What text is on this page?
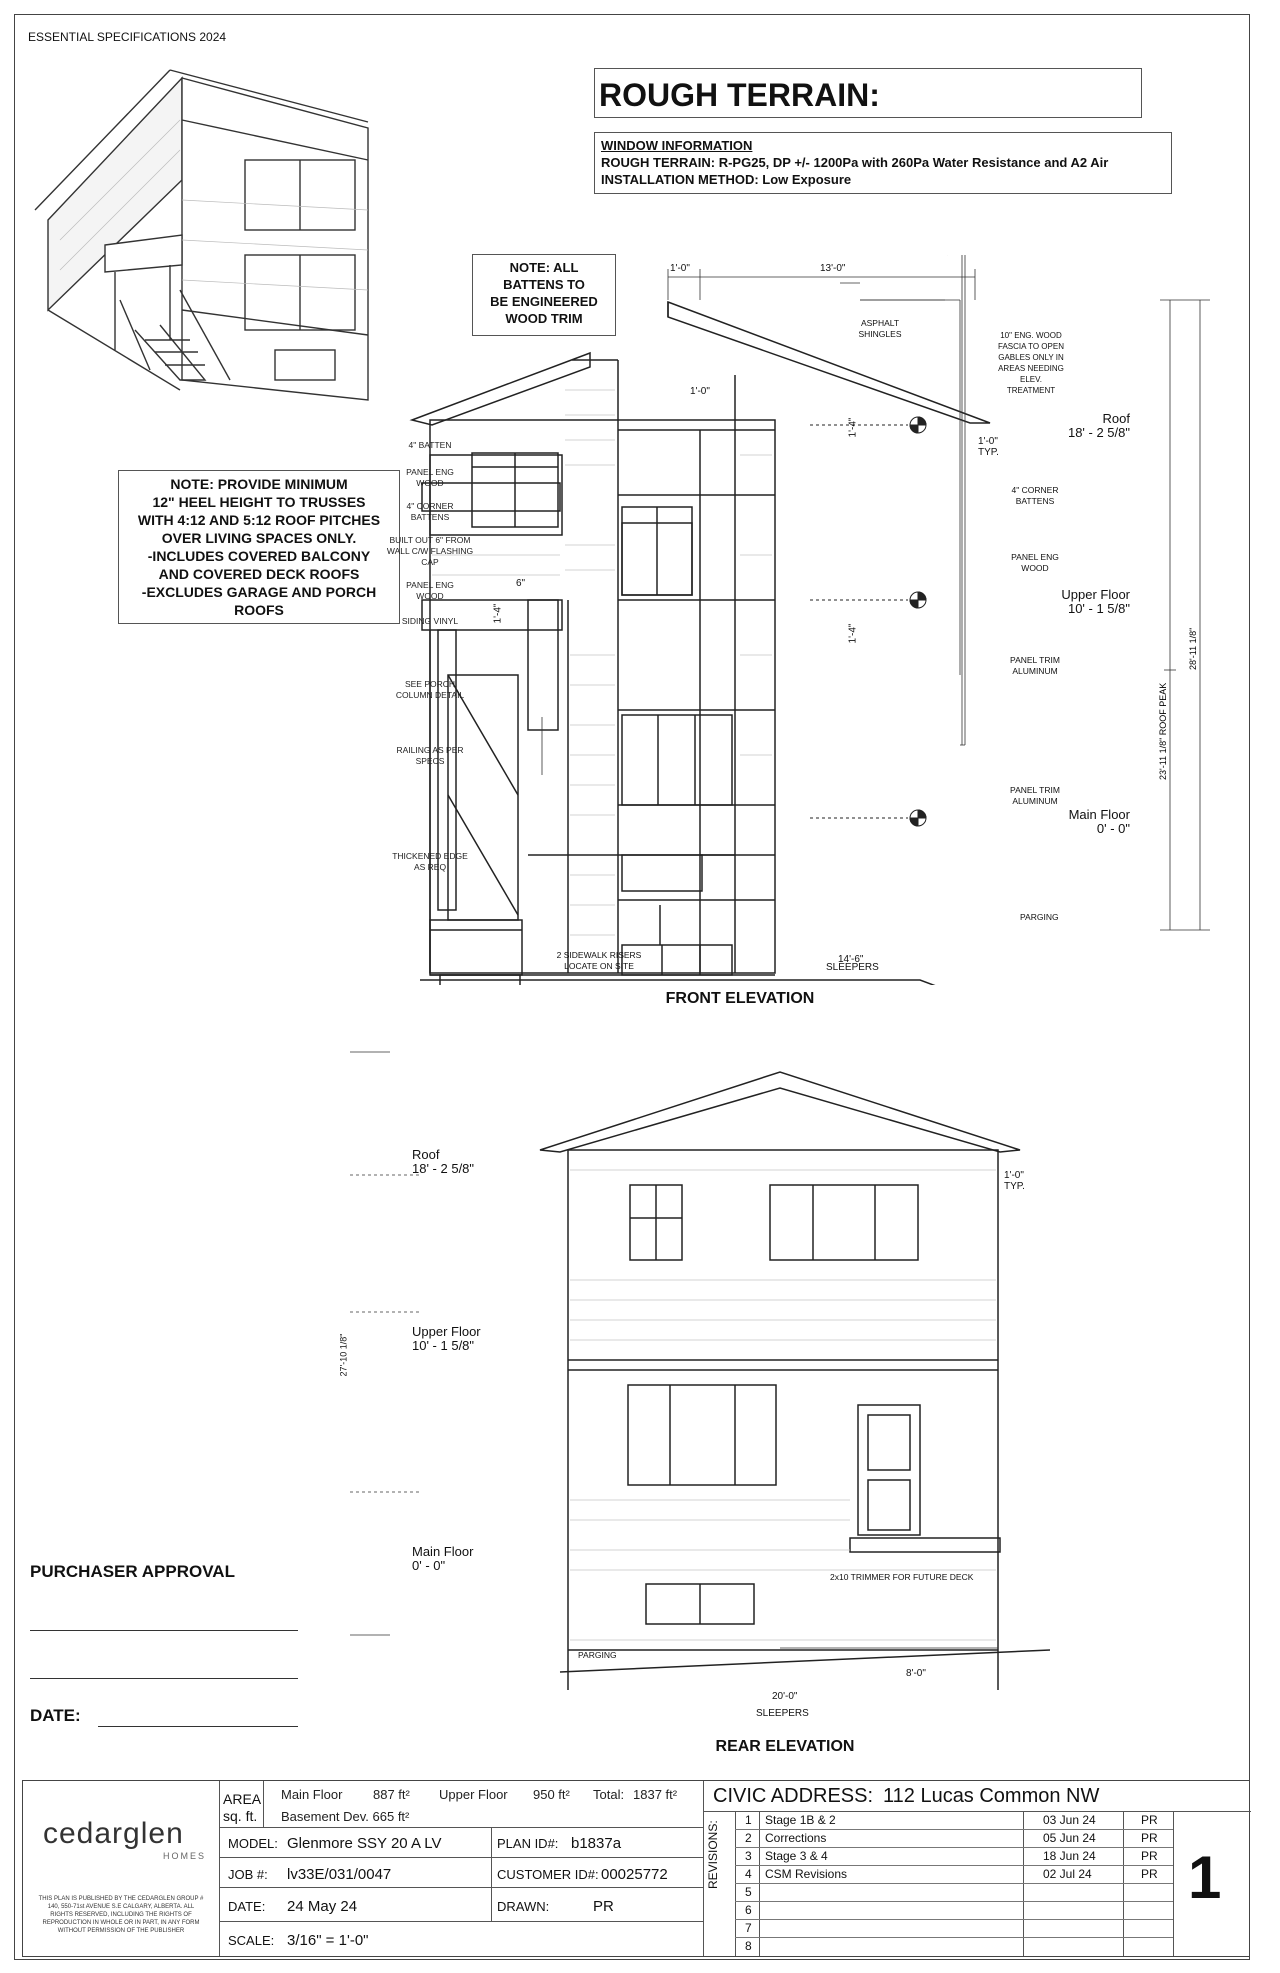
ESSENTIAL SPECIFICATIONS 2024
ROUGH TERRAIN:
WINDOW INFORMATION
ROUGH TERRAIN: R-PG25, DP +/- 1200Pa with 260Pa Water Resistance and A2 Air
INSTALLATION METHOD: Low Exposure
NOTE: ALL
BATTENS TO
BE ENGINEERED
WOOD TRIM
NOTE: PROVIDE MINIMUM
12" HEEL HEIGHT TO TRUSSES
WITH 4:12 AND 5:12 ROOF PITCHES
OVER LIVING SPACES ONLY.
-INCLUDES COVERED BALCONY
AND COVERED DECK ROOFS
-EXCLUDES GARAGE AND PORCH
ROOFS
23'-11 1/8" ROOF PEAK
28'-11 1/8"
1'-0"	13'-0"
1'-0"
1'-0" TYP.
14'-6"
SLEEPERS
1'-4"
1'-4"
1'-4"
6"
4" BATTEN
PANEL ENG
WOOD
4" CORNER
BATTENS
BUILT OUT 6" FROM
WALL C/W FLASHING
CAP
PANEL ENG
WOOD
SIDING VINYL
SEE PORCH
COLUMN DETAIL
RAILING AS PER
SPECS
THICKENED EDGE
AS REQ
ASPHALT
SHINGLES	10" ENG. WOOD
FASCIA TO OPEN
GABLES ONLY IN
AREAS NEEDING
ELEV.
TREATMENT
4" CORNER
BATTENS
PANEL ENG
WOOD
PANEL TRIM
ALUMINUM
PANEL TRIM
ALUMINUM
PARGING
2 SIDEWALK RISERS
LOCATE ON SITE
Roof
18' - 2 5/8"
Upper Floor
10' - 1 5/8"
Main Floor
0' - 0"
FRONT ELEVATION
27'-10 1/8"
20'-0"
SLEEPERS
8'-0"
1'-0" TYP.
2x10 TRIMMER FOR FUTURE DECK
PARGING
Roof
18' - 2 5/8"
Upper Floor
10' - 1 5/8"
Main Floor
0' - 0"
REAR ELEVATION
PURCHASER APPROVAL
DATE:
cedarglen
HOMES
THIS PLAN IS PUBLISHED BY THE CEDARGLEN GROUP #
140, 550-71st AVENUE S.E CALGARY, ALBERTA. ALL
RIGHTS RESERVED, INCLUDING THE RIGHTS OF
REPRODUCTION IN WHOLE OR IN PART, IN ANY FORM
WITHOUT PERMISSION OF THE PUBLISHER
AREA
sq. ft.
Main Floor 887 ft² Upper Floor 950 ft² Total: 1837 ft²
Basement Dev. 665 ft²
MODEL: Glenmore SSY 20 A LV	PLAN ID#: b1837a
JOB #: lv33E/031/0047	CUSTOMER ID#: 00025772
DATE: 24 May 24	DRAWN:	PR
SCALE: 3/16" = 1'-0"
CIVIC ADDRESS: 112 Lucas Common NW
REVISIONS:
1 Stage 1B & 2	03 Jun 24	PR
2 Corrections	05 Jun 24	PR
3 Stage 3 & 4	18 Jun 24	PR
4 CSM Revisions	02 Jul 24	PR
5
6
7
8
1
